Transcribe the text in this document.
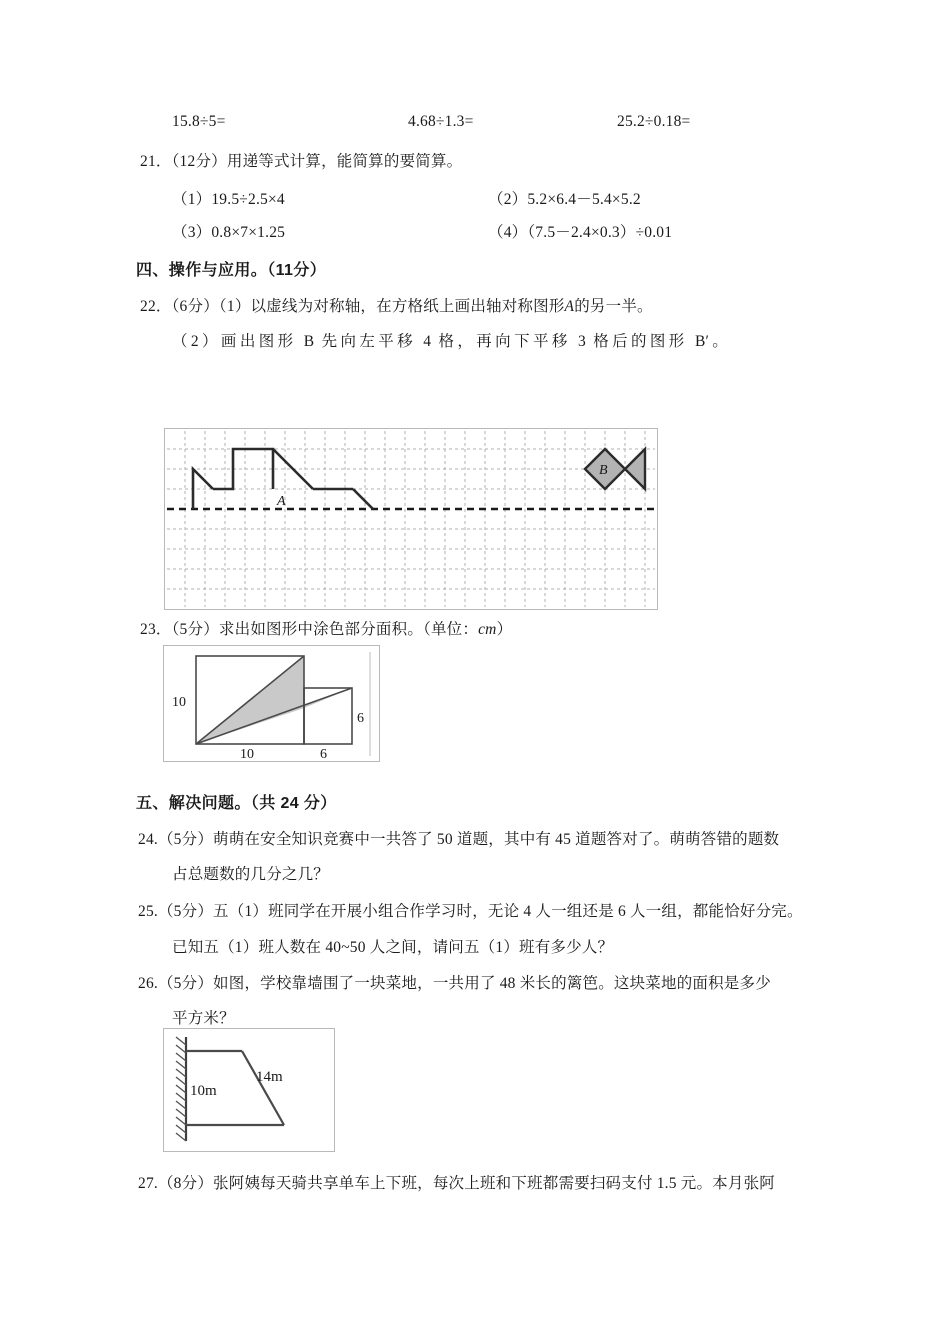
15.8÷5=	4.68÷1.3=	25.2÷0.18=
21．（12分）用递等式计算，能简算的要简算。
（1）19.5÷2.5×4	（2）5.2×6.4－5.4×5.2
（3）0.8×7×1.25	（4）（7.5－2.4×0.3）÷0.01
四、操作与应用。（11分）
22．（6分）（1）以虚线为对称轴，在方格纸上画出轴对称图形A的另一半。
（2）画出图形 B 先向左平移 4 格，再向下平移 3 格后的图形 B′。
A
B
23．（5分）求出如图形中涂色部分面积。（单位：cm）
10
10	6
6
五、解决问题。（共 24 分）
24.（5分）萌萌在安全知识竞赛中一共答了 50 道题，其中有 45 道题答对了。萌萌答错的题数
占总题数的几分之几？
25.（5分）五（1）班同学在开展小组合作学习时，无论 4 人一组还是 6 人一组，都能恰好分完。
已知五（1）班人数在 40~50 人之间，请问五（1）班有多少人？
26.（5分）如图，学校靠墙围了一块菜地，一共用了 48 米长的篱笆。这块菜地的面积是多少
平方米？
10m
14m
27.（8分）张阿姨每天骑共享单车上下班，每次上班和下班都需要扫码支付 1.5 元。本月张阿
